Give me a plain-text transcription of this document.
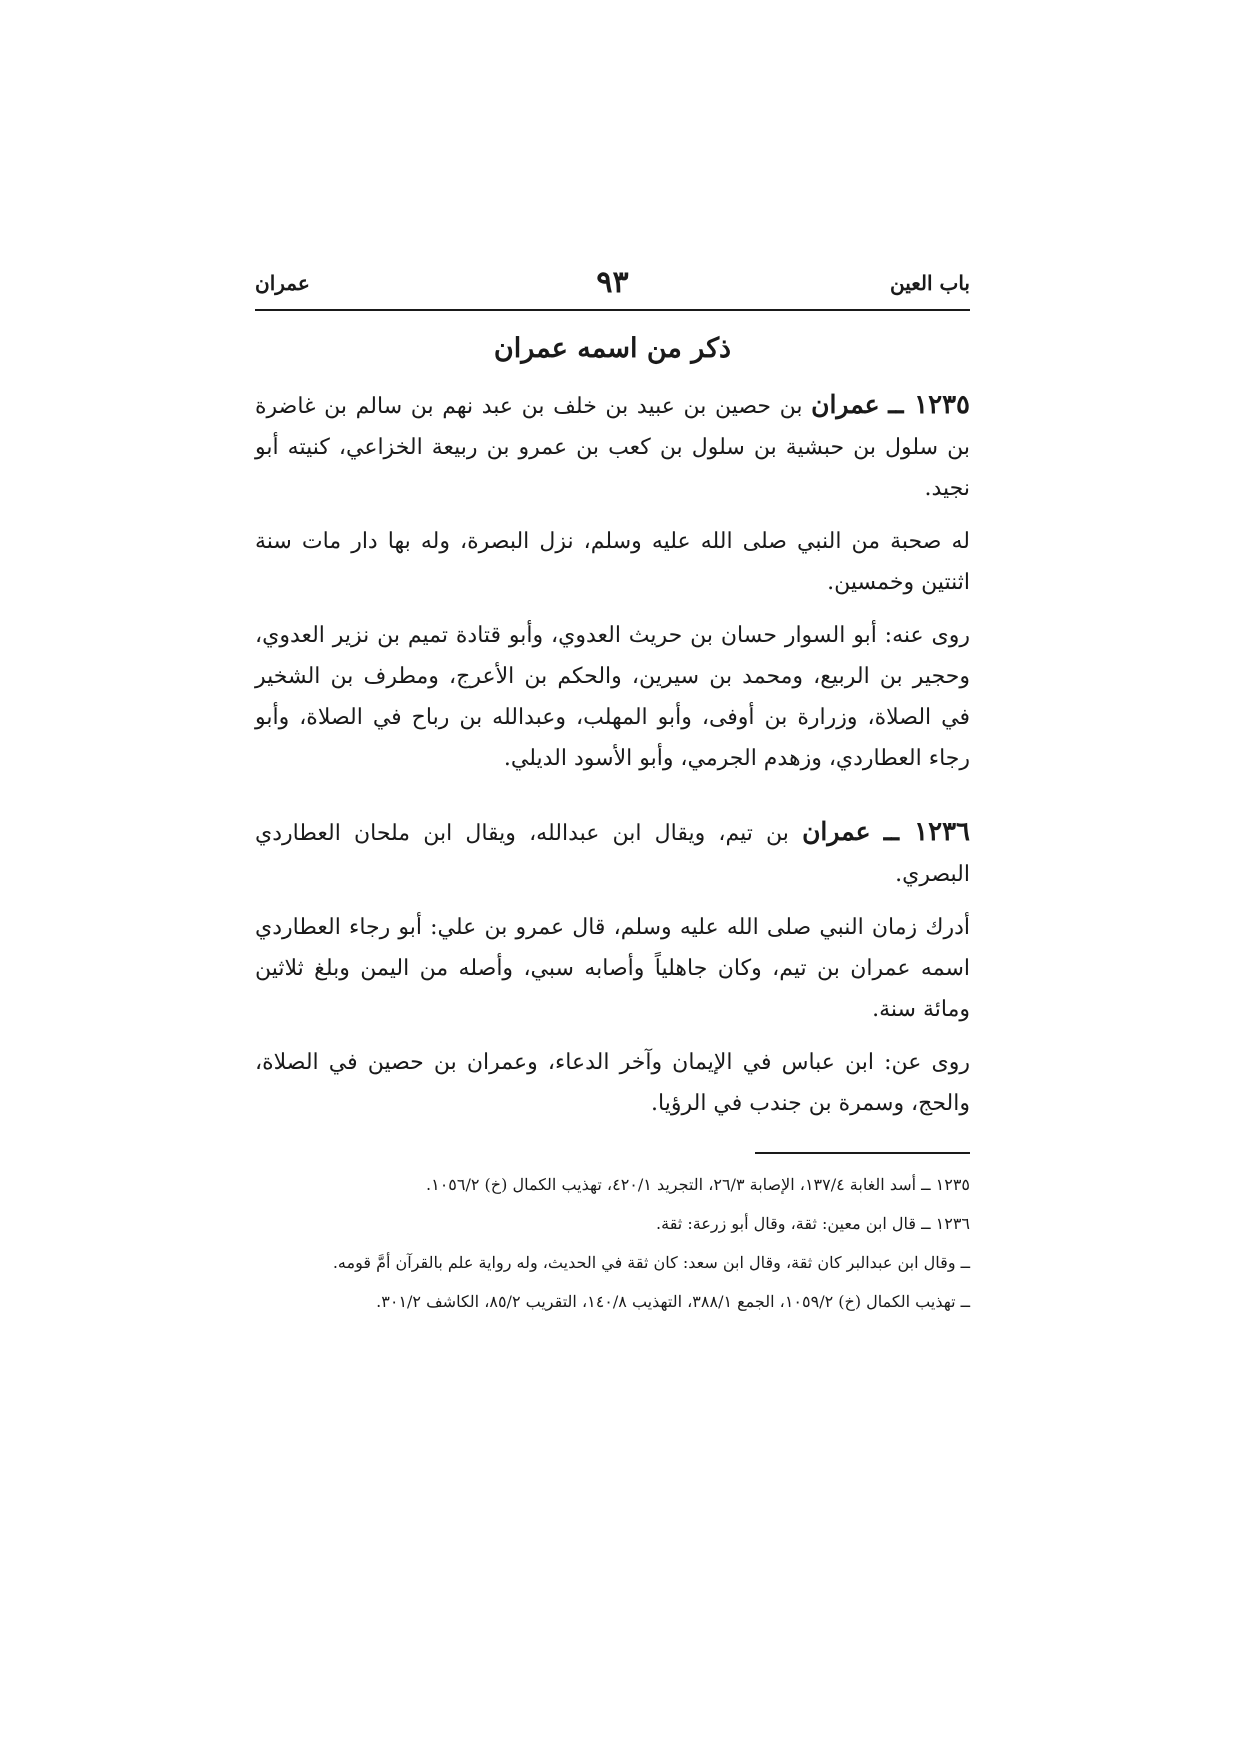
باب العين
٩٣
عمران
ذكر من اسمه عمران

١٢٣٥ ــ عمران بن حصين بن عبيد بن خلف بن عبد نهم بن سالم بن غاضرة بن سلول بن حبشية بن سلول بن كعب بن عمرو بن ربيعة الخزاعي، كنيته أبو نجيد.

له صحبة من النبي صلى الله عليه وسلم، نزل البصرة، وله بها دار مات سنة اثنتين وخمسين.

روى عنه: أبو السوار حسان بن حريث العدوي، وأبو قتادة تميم بن نزير العدوي، وحجير بن الربيع، ومحمد بن سيرين، والحكم بن الأعرج، ومطرف بن الشخير في الصلاة، وزرارة بن أوفى، وأبو المهلب، وعبدالله بن رباح في الصلاة، وأبو رجاء العطاردي، وزهدم الجرمي، وأبو الأسود الديلي.

١٢٣٦ ــ عمران بن تيم، ويقال ابن عبدالله، ويقال ابن ملحان العطاردي البصري.

أدرك زمان النبي صلى الله عليه وسلم، قال عمرو بن علي: أبو رجاء العطاردي اسمه عمران بن تيم، وكان جاهلياً وأصابه سبي، وأصله من اليمن وبلغ ثلاثين ومائة سنة.

روى عن: ابن عباس في الإيمان وآخر الدعاء، وعمران بن حصين في الصلاة، والحج، وسمرة بن جندب في الرؤيا.

١٢٣٥ ــ أسد الغابة ١٣٧/٤، الإصابة ٢٦/٣، التجريد ٤٢٠/١، تهذيب الكمال (خ) ١٠٥٦/٢.

١٢٣٦ ــ قال ابن معين: ثقة، وقال أبو زرعة: ثقة.

ــ وقال ابن عبدالبر كان ثقة، وقال ابن سعد: كان ثقة في الحديث، وله رواية علم بالقرآن أمَّ قومه.

ــ تهذيب الكمال (خ) ١٠٥٩/٢، الجمع ٣٨٨/١، التهذيب ١٤٠/٨، التقريب ٨٥/٢، الكاشف ٣٠١/٢.
